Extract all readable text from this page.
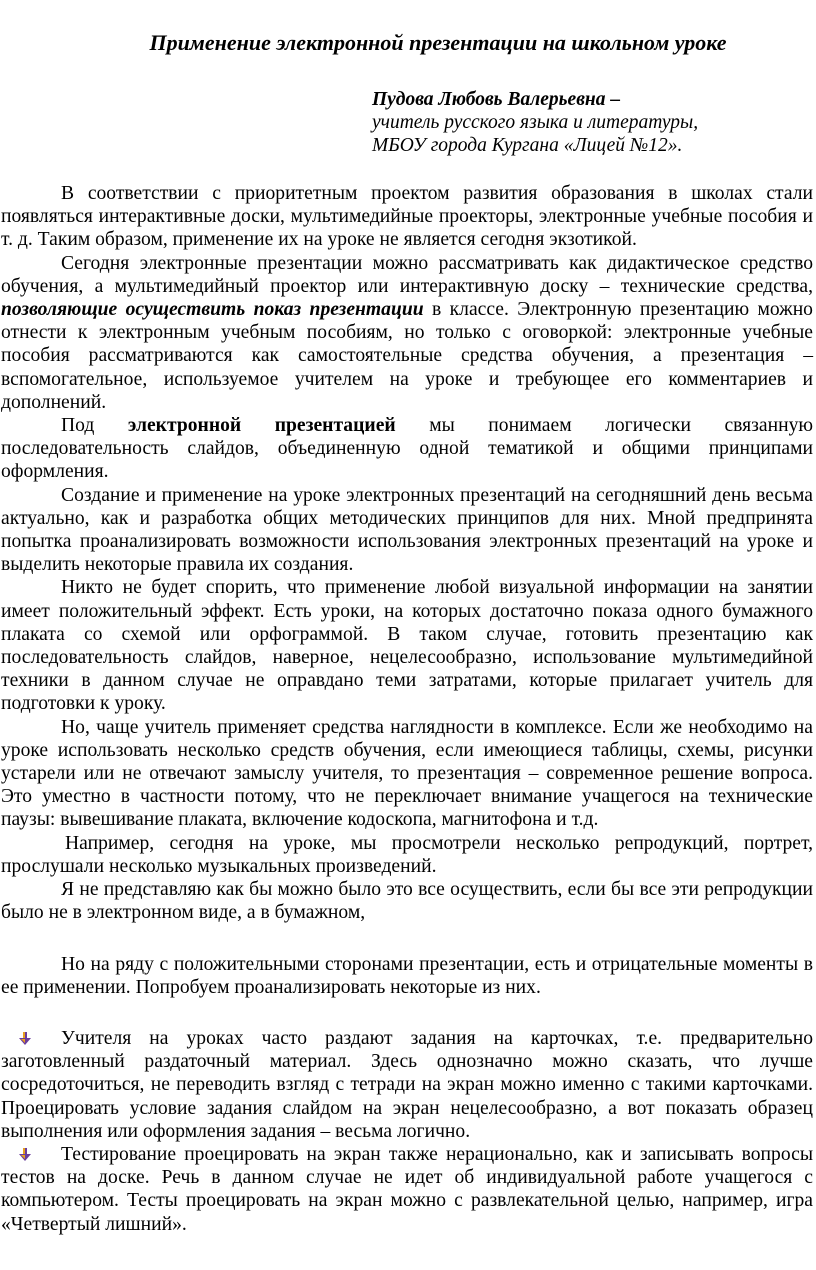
Применение электронной презентации на школьном уроке
Пудова Любовь Валерьевна –
учитель русского языка и литературы,
МБОУ города Кургана «Лицей №12».

В соответствии с приоритетным проектом развития образования в школах стали появляться интерактивные доски, мультимедийные проекторы, электронные учебные пособия и т. д. Таким образом, применение их на уроке не является сегодня экзотикой.

Сегодня электронные презентации можно рассматривать как дидактическое средство обучения, а мультимедийный проектор или интерактивную доску – технические средства, позволяющие осуществить показ презентации в классе. Электронную презентацию можно отнести к электронным учебным пособиям, но только с оговоркой: электронные учебные пособия рассматриваются как самостоятельные средства обучения, а презентация – вспомогательное, используемое учителем на уроке и требующее его комментариев и дополнений.

Под электронной презентацией мы понимаем логически связанную последовательность слайдов, объединенную одной тематикой и общими принципами оформления.

Создание и применение на уроке электронных презентаций на сегодняшний день весьма актуально, как и разработка общих методических принципов для них. Мной предпринята попытка проанализировать возможности использования электронных презентаций на уроке и выделить некоторые правила их создания.

Никто не будет спорить, что применение любой визуальной информации на занятии имеет положительный эффект. Есть уроки, на которых достаточно показа одного бумажного плаката со схемой или орфограммой. В таком случае, готовить презентацию как последовательность слайдов, наверное, нецелесообразно, использование мультимедийной техники в данном случае не оправдано теми затратами, которые прилагает учитель для подготовки к уроку.

Но, чаще учитель применяет средства наглядности в комплексе. Если же необходимо на уроке использовать несколько средств обучения, если имеющиеся таблицы, схемы, рисунки устарели или не отвечают замыслу учителя, то презентация – современное решение вопроса. Это уместно в частности потому, что не переключает внимание учащегося на технические паузы: вывешивание плаката, включение кодоскопа, магнитофона и т.д.

Например, сегодня на уроке, мы просмотрели несколько репродукций, портрет, прослушали несколько музыкальных произведений.

Я не представляю как бы можно было это все осуществить, если бы все эти репродукции было не в электронном виде, а в бумажном,

Но на ряду с положительными сторонами презентации, есть и отрицательные моменты в ее применении. Попробуем проанализировать некоторые из них.

Учителя на уроках часто раздают задания на карточках, т.е. предварительно заготовленный раздаточный материал. Здесь однозначно можно сказать, что лучше сосредоточиться, не переводить взгляд с тетради на экран можно именно с такими карточками. Проецировать условие задания слайдом на экран нецелесообразно, а вот показать образец выполнения или оформления задания – весьма логично.

Тестирование проецировать на экран также нерационально, как и записывать вопросы тестов на доске. Речь в данном случае не идет об индивидуальной работе учащегося с компьютером. Тесты проецировать на экран можно с развлекательной целью, например, игра «Четвертый лишний».
